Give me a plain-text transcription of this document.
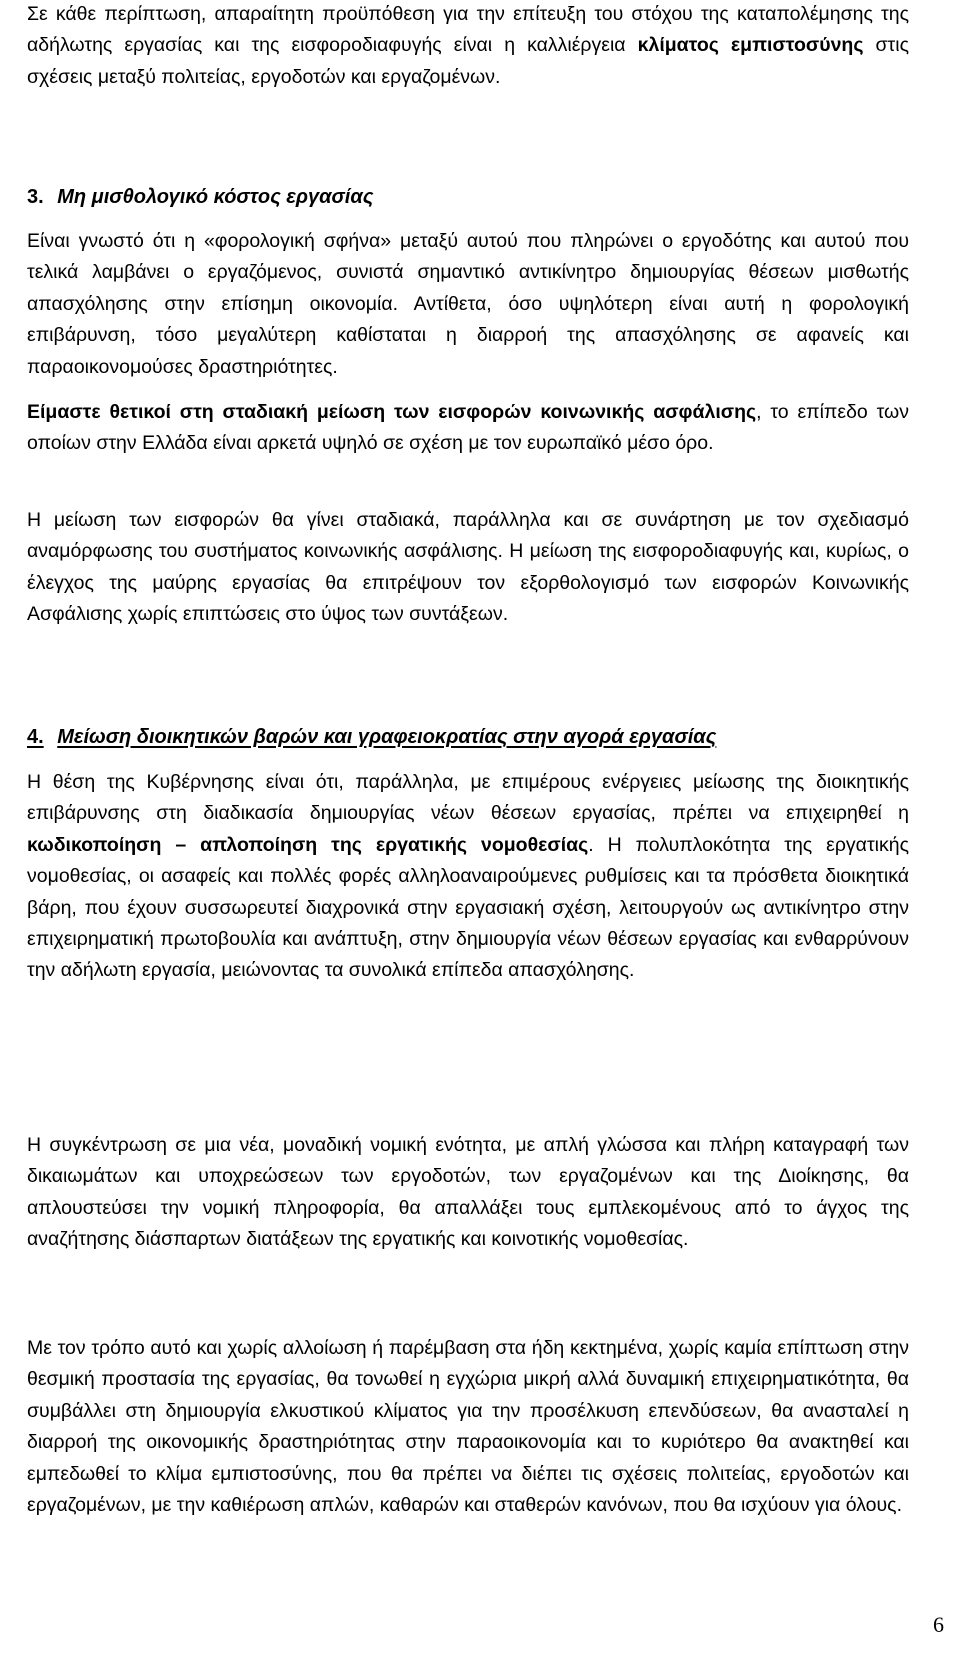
Σε κάθε περίπτωση, απαραίτητη προϋπόθεση για την επίτευξη του στόχου της καταπολέμησης της αδήλωτης εργασίας και της εισφοροδιαφυγής είναι η καλλιέργεια κλίματος εμπιστοσύνης στις σχέσεις μεταξύ πολιτείας, εργοδοτών και εργαζομένων.

3. Μη μισθολογικό κόστος εργασίας

Είναι γνωστό ότι η «φορολογική σφήνα» μεταξύ αυτού που πληρώνει ο εργοδότης και αυτού που τελικά λαμβάνει ο εργαζόμενος, συνιστά σημαντικό αντικίνητρο δημιουργίας θέσεων μισθωτής απασχόλησης στην επίσημη οικονομία. Αντίθετα, όσο υψηλότερη είναι αυτή η φορολογική επιβάρυνση, τόσο μεγαλύτερη καθίσταται η διαρροή της απασχόλησης σε αφανείς και παραοικονομούσες δραστηριότητες.

Είμαστε θετικοί στη σταδιακή μείωση των εισφορών κοινωνικής ασφάλισης, το επίπεδο των οποίων στην Ελλάδα είναι αρκετά υψηλό σε σχέση με τον ευρωπαϊκό μέσο όρο.

Η μείωση των εισφορών θα γίνει σταδιακά, παράλληλα και σε συνάρτηση με τον σχεδιασμό αναμόρφωσης του συστήματος κοινωνικής ασφάλισης. Η μείωση της εισφοροδιαφυγής και, κυρίως, ο έλεγχος της μαύρης εργασίας θα επιτρέψουν τον εξορθολογισμό των εισφορών Κοινωνικής Ασφάλισης χωρίς επιπτώσεις στο ύψος των συντάξεων.

4. Μείωση διοικητικών βαρών και γραφειοκρατίας στην αγορά εργασίας

Η θέση της Κυβέρνησης είναι ότι, παράλληλα, με επιμέρους ενέργειες μείωσης της διοικητικής επιβάρυνσης στη διαδικασία δημιουργίας νέων θέσεων εργασίας, πρέπει να επιχειρηθεί η κωδικοποίηση – απλοποίηση της εργατικής νομοθεσίας. Η πολυπλοκότητα της εργατικής νομοθεσίας, οι ασαφείς και πολλές φορές αλληλοαναιρούμενες ρυθμίσεις και τα πρόσθετα διοικητικά βάρη, που έχουν συσσωρευτεί διαχρονικά στην εργασιακή σχέση, λειτουργούν ως αντικίνητρο στην επιχειρηματική πρωτοβουλία και ανάπτυξη, στην δημιουργία νέων θέσεων εργασίας και ενθαρρύνουν την αδήλωτη εργασία, μειώνοντας τα συνολικά επίπεδα απασχόλησης.

Η συγκέντρωση σε μια νέα, μοναδική νομική ενότητα, με απλή γλώσσα και πλήρη καταγραφή των δικαιωμάτων και υποχρεώσεων των εργοδοτών, των εργαζομένων και της Διοίκησης, θα απλουστεύσει την νομική πληροφορία, θα απαλλάξει τους εμπλεκομένους από το άγχος της αναζήτησης διάσπαρτων διατάξεων της εργατικής και κοινοτικής νομοθεσίας.

Με τον τρόπο αυτό και χωρίς αλλοίωση ή παρέμβαση στα ήδη κεκτημένα, χωρίς καμία επίπτωση στην θεσμική προστασία της εργασίας, θα τονωθεί η εγχώρια μικρή αλλά δυναμική επιχειρηματικότητα, θα συμβάλλει στη δημιουργία ελκυστικού κλίματος για την προσέλκυση επενδύσεων, θα ανασταλεί η διαρροή της οικονομικής δραστηριότητας στην παραοικονομία και το κυριότερο θα ανακτηθεί και εμπεδωθεί το κλίμα εμπιστοσύνης, που θα πρέπει να διέπει τις σχέσεις πολιτείας, εργοδοτών και εργαζομένων, με την καθιέρωση απλών, καθαρών και σταθερών κανόνων, που θα ισχύουν για όλους.

6
